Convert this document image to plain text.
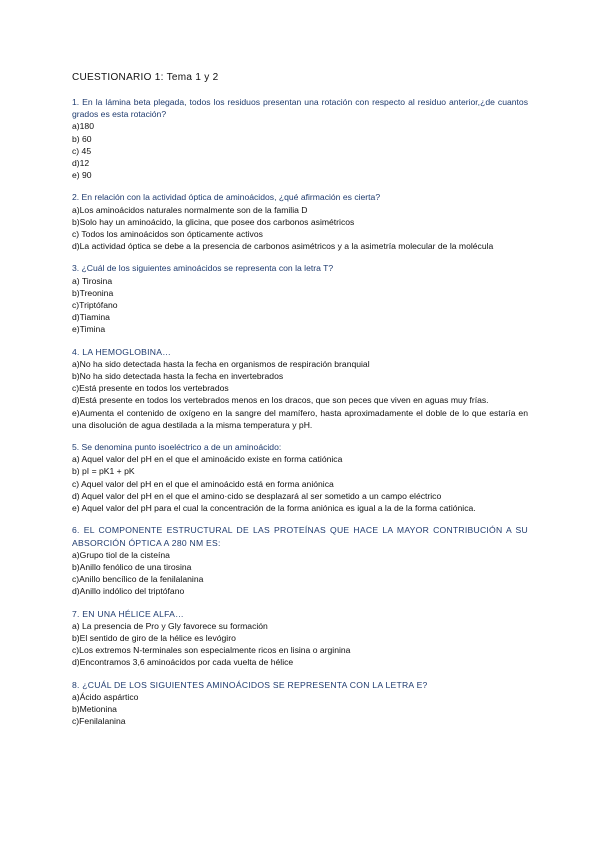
CUESTIONARIO 1: Tema 1 y 2
1. En la lámina beta plegada, todos los residuos presentan una rotación con respecto al residuo anterior,¿de cuantos grados es esta rotación?
a)180
b) 60
c) 45
d)12
e) 90
2. En relación con la actividad óptica de aminoácidos, ¿qué afirmación es cierta?
a)Los aminoácidos naturales normalmente son de la familia D
b)Solo hay un aminoácido, la glicina, que posee dos carbonos asimétricos
c) Todos los aminoácidos son ópticamente activos
d)La actividad óptica se debe a la presencia de carbonos asimétricos y a la asimetría molecular de la molécula
3. ¿Cuál de los siguientes aminoácidos se representa con la letra T?
a) Tirosina
b)Treonina
c)Triptófano
d)Tiamina
e)Timina
4. LA HEMOGLOBINA…
a)No ha sido detectada hasta la fecha en organismos de respiración branquial
b)No ha sido detectada hasta la fecha en invertebrados
c)Está presente en todos los vertebrados
d)Está presente en todos los vertebrados menos en los dracos, que son peces que viven en aguas muy frías.
e)Aumenta el contenido de oxígeno en la sangre del mamífero, hasta aproximadamente el doble de lo que estaría en una disolución de agua destilada a la misma temperatura y pH.
5. Se denomina punto isoeléctrico a de un aminoácido:
a) Aquel valor del pH en el que el aminoácido existe en forma catiónica
b) pI = pK1 + pK
c) Aquel valor del pH en el que el aminoácido está en forma aniónica
d) Aquel valor del pH en el que el amino·cido se desplazará al ser sometido a un campo eléctrico
e) Aquel valor del pH para el cual la concentración de la forma aniónica es igual a la de la forma catiónica.
6. EL COMPONENTE ESTRUCTURAL DE LAS PROTEÍNAS QUE HACE LA MAYOR CONTRIBUCIÓN A SU ABSORCIÓN ÓPTICA A 280 NM ES:
a)Grupo tiol de la cisteína
b)Anillo fenólico de una tirosina
c)Anillo bencílico de la fenilalanina
d)Anillo indólico del triptófano
7. EN UNA HÉLICE ALFA…
a) La presencia de Pro y Gly favorece su formación
b)El sentido de giro de la hélice es levógiro
c)Los extremos N-terminales son especialmente ricos en lisina o arginina
d)Encontramos 3,6 aminoácidos por cada vuelta de hélice
8. ¿CUÁL DE LOS SIGUIENTES AMINOÁCIDOS SE REPRESENTA CON LA LETRA E?
a)Ácido aspártico
b)Metionina
c)Fenilalanina
